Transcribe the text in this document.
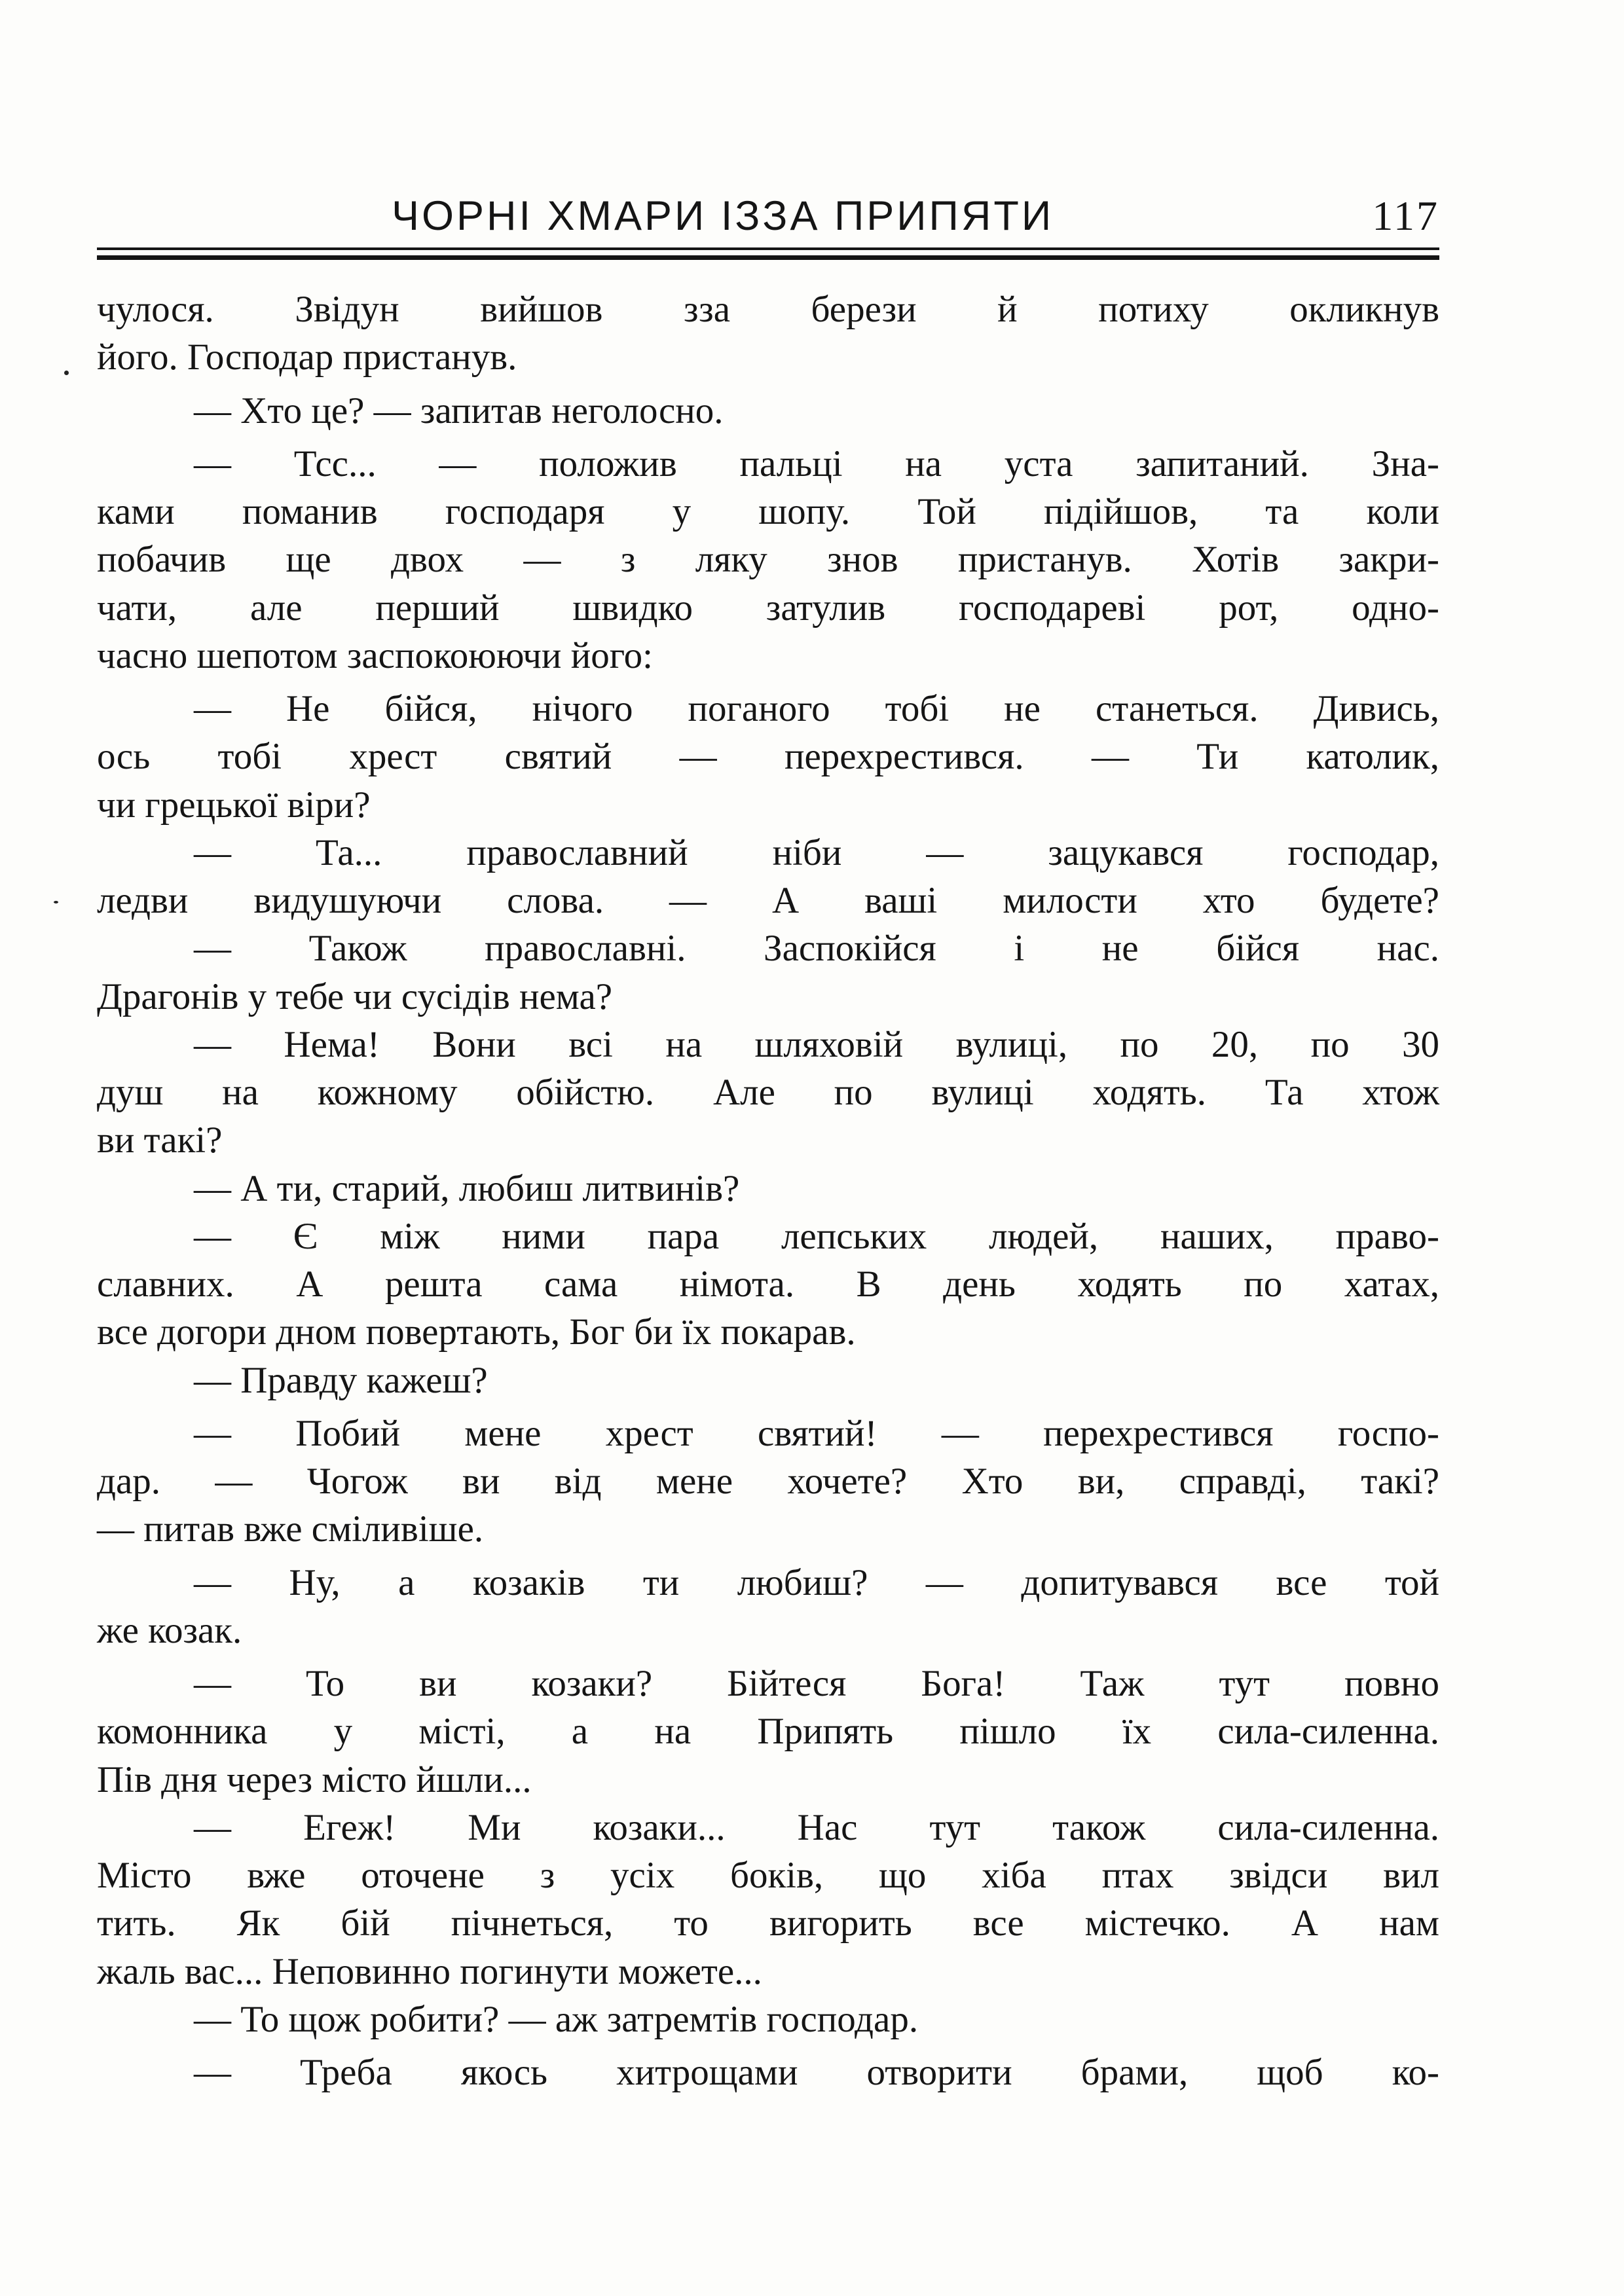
ЧОРНІ ХМАРИ ІЗЗА ПРИПЯТИ	117
чулося. Звідун вийшов зза берези й потиху окликнув
його. Господар пристанув.
— Хто це? — запитав неголосно.
— Тсс... — положив пальці на уста запитаний. Зна-
ками поманив господаря у шопу. Той підійшов, та коли
побачив ще двох — з ляку знов пристанув. Хотів закри-
чати, але перший швидко затулив господареві рот, одно-
часно шепотом заспокоюючи його:
— Не бійся, нічого поганого тобі не станеться. Дивись,
ось тобі хрест святий — перехрестився. — Ти католик,
чи грецької віри?
— Та... православний ніби — зацукався господар,
ледви видушуючи слова. — А ваші милости хто будете?
— Також православні. Заспокійся і не бійся нас.
Драгонів у тебе чи сусідів нема?
— Нема! Вони всі на шляховій вулиці, по 20, по 30
душ на кожному обійстю. Але по вулиці ходять. Та хтож
ви такі?
— А ти, старий, любиш литвинів?
— Є між ними пара лепських людей, наших, право-
славних. А решта сама німота. В день ходять по хатах,
все догори дном повертають, Бог би їх покарав.
— Правду кажеш?
— Побий мене хрест святий! — перехрестився госпо-
дар. — Чогож ви від мене хочете? Хто ви, справді, такі?
— питав вже сміливіше.
— Ну, а козаків ти любиш? — допитувався все той
же козак.
— То ви козаки? Бійтеся Бога! Таж тут повно
комонника у місті, а на Припять пішло їх сила-силенна.
Пів дня через місто йшли...
— Егеж! Ми козаки... Нас тут також сила-силенна.
Місто вже оточене з усіх боків, що хіба птах звідси вил
тить. Як бій пічнеться, то вигорить все містечко. А нам
жаль вас... Неповинно погинути можете...
— То щож робити? — аж затремтів господар.
— Треба якось хитрощами отворити брами, щоб ко-
